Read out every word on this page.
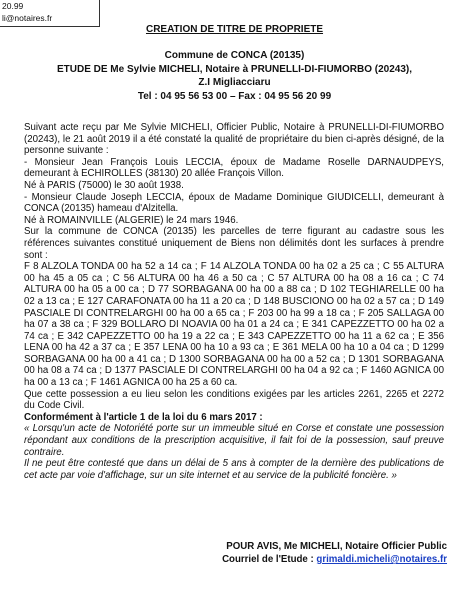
20.99
li@notaires.fr
CREATION DE TITRE DE PROPRIETE
Commune de CONCA (20135)
ETUDE DE Me Sylvie MICHELI, Notaire à PRUNELLI-DI-FIUMORBO (20243),
Z.I Migliacciaru
Tel : 04 95 56 53 00 – Fax : 04 95 56 20 99

Suivant acte reçu par Me Sylvie MICHELI, Officier Public, Notaire à PRUNELLI-DI-FIUMORBO (20243), le 21 août 2019 il a été constaté la qualité de propriétaire du bien ci-après désigné, de la personne suivante :

- Monsieur Jean François Louis LECCIA, époux de Madame Roselle DARNAUDPEYS, demeurant à ECHIROLLES (38130) 20 allée François Villon.

Né à PARIS (75000) le 30 août 1938.

- Monsieur Claude Joseph LECCIA, époux de Madame Dominique GIUDICELLI, demeurant à CONCA (20135) hameau d'Alzitella.

Né à ROMAINVILLE (ALGERIE) le 24 mars 1946.

Sur la commune de CONCA (20135) les parcelles de terre figurant au cadastre sous les références suivantes constitué uniquement de Biens non délimités dont les surfaces à prendre sont :

F 8 ALZOLA TONDA 00 ha 52 a 14 ca ; F 14 ALZOLA TONDA 00 ha 02 a 25 ca ; C 55 ALTURA 00 ha 45 a 05 ca ; C 56 ALTURA 00 ha 46 a 50 ca ; C 57 ALTURA 00 ha 08 a 16 ca ; C 74 ALTURA 00 ha 05 a 00 ca ; D 77 SORBAGANA 00 ha 00 a 88 ca ; D 102 TEGHIARELLE 00 ha 02 a 13 ca ; E 127 CARAFONATA 00 ha 11 a 20 ca ; D 148 BUSCIONO 00 ha 02 a 57 ca ; D 149 PASCIALE DI CONTRELARGHI 00 ha 00 a 65 ca ; F 203 00 ha 99 a 18 ca ; F 205 SALLAGA 00 ha 07 a 38 ca ; F 329 BOLLARO DI NOAVIA 00 ha 01 a 24 ca ; E 341 CAPEZZETTO 00 ha 02 a 74 ca ; E 342 CAPEZZETTO 00 ha 19 a 22 ca ; E 343 CAPEZZETTO 00 ha 11 a 62 ca ; E 356 LENA 00 ha 42 a 37 ca ; E 357 LENA 00 ha 10 a 93 ca ; E 361 MELA 00 ha 10 a 04 ca ; D 1299 SORBAGANA 00 ha 00 a 41 ca ; D 1300 SORBAGANA 00 ha 00 a 52 ca ; D 1301 SORBAGANA 00 ha 08 a 74 ca ; D 1377 PASCIALE DI CONTRELARGHI 00 ha 04 a 92 ca ; F 1460 AGNICA 00 ha 00 a 13 ca ; F 1461 AGNICA 00 ha 25 a 60 ca.

Que cette possession a eu lieu selon les conditions exigées par les articles 2261, 2265 et 2272 du Code Civil.

Conformément à l'article 1 de la loi du 6 mars 2017 :

« Lorsqu'un acte de Notoriété porte sur un immeuble situé en Corse et constate une possession répondant aux conditions de la prescription acquisitive, il fait foi de la possession, sauf preuve contraire.

Il ne peut être contesté que dans un délai de 5 ans à compter de la dernière des publications de cet acte par voie d'affichage, sur un site internet et au service de la publicité foncière. »

POUR AVIS, Me MICHELI, Notaire Officier Public
Courriel de l'Etude : grimaldi.micheli@notaires.fr
